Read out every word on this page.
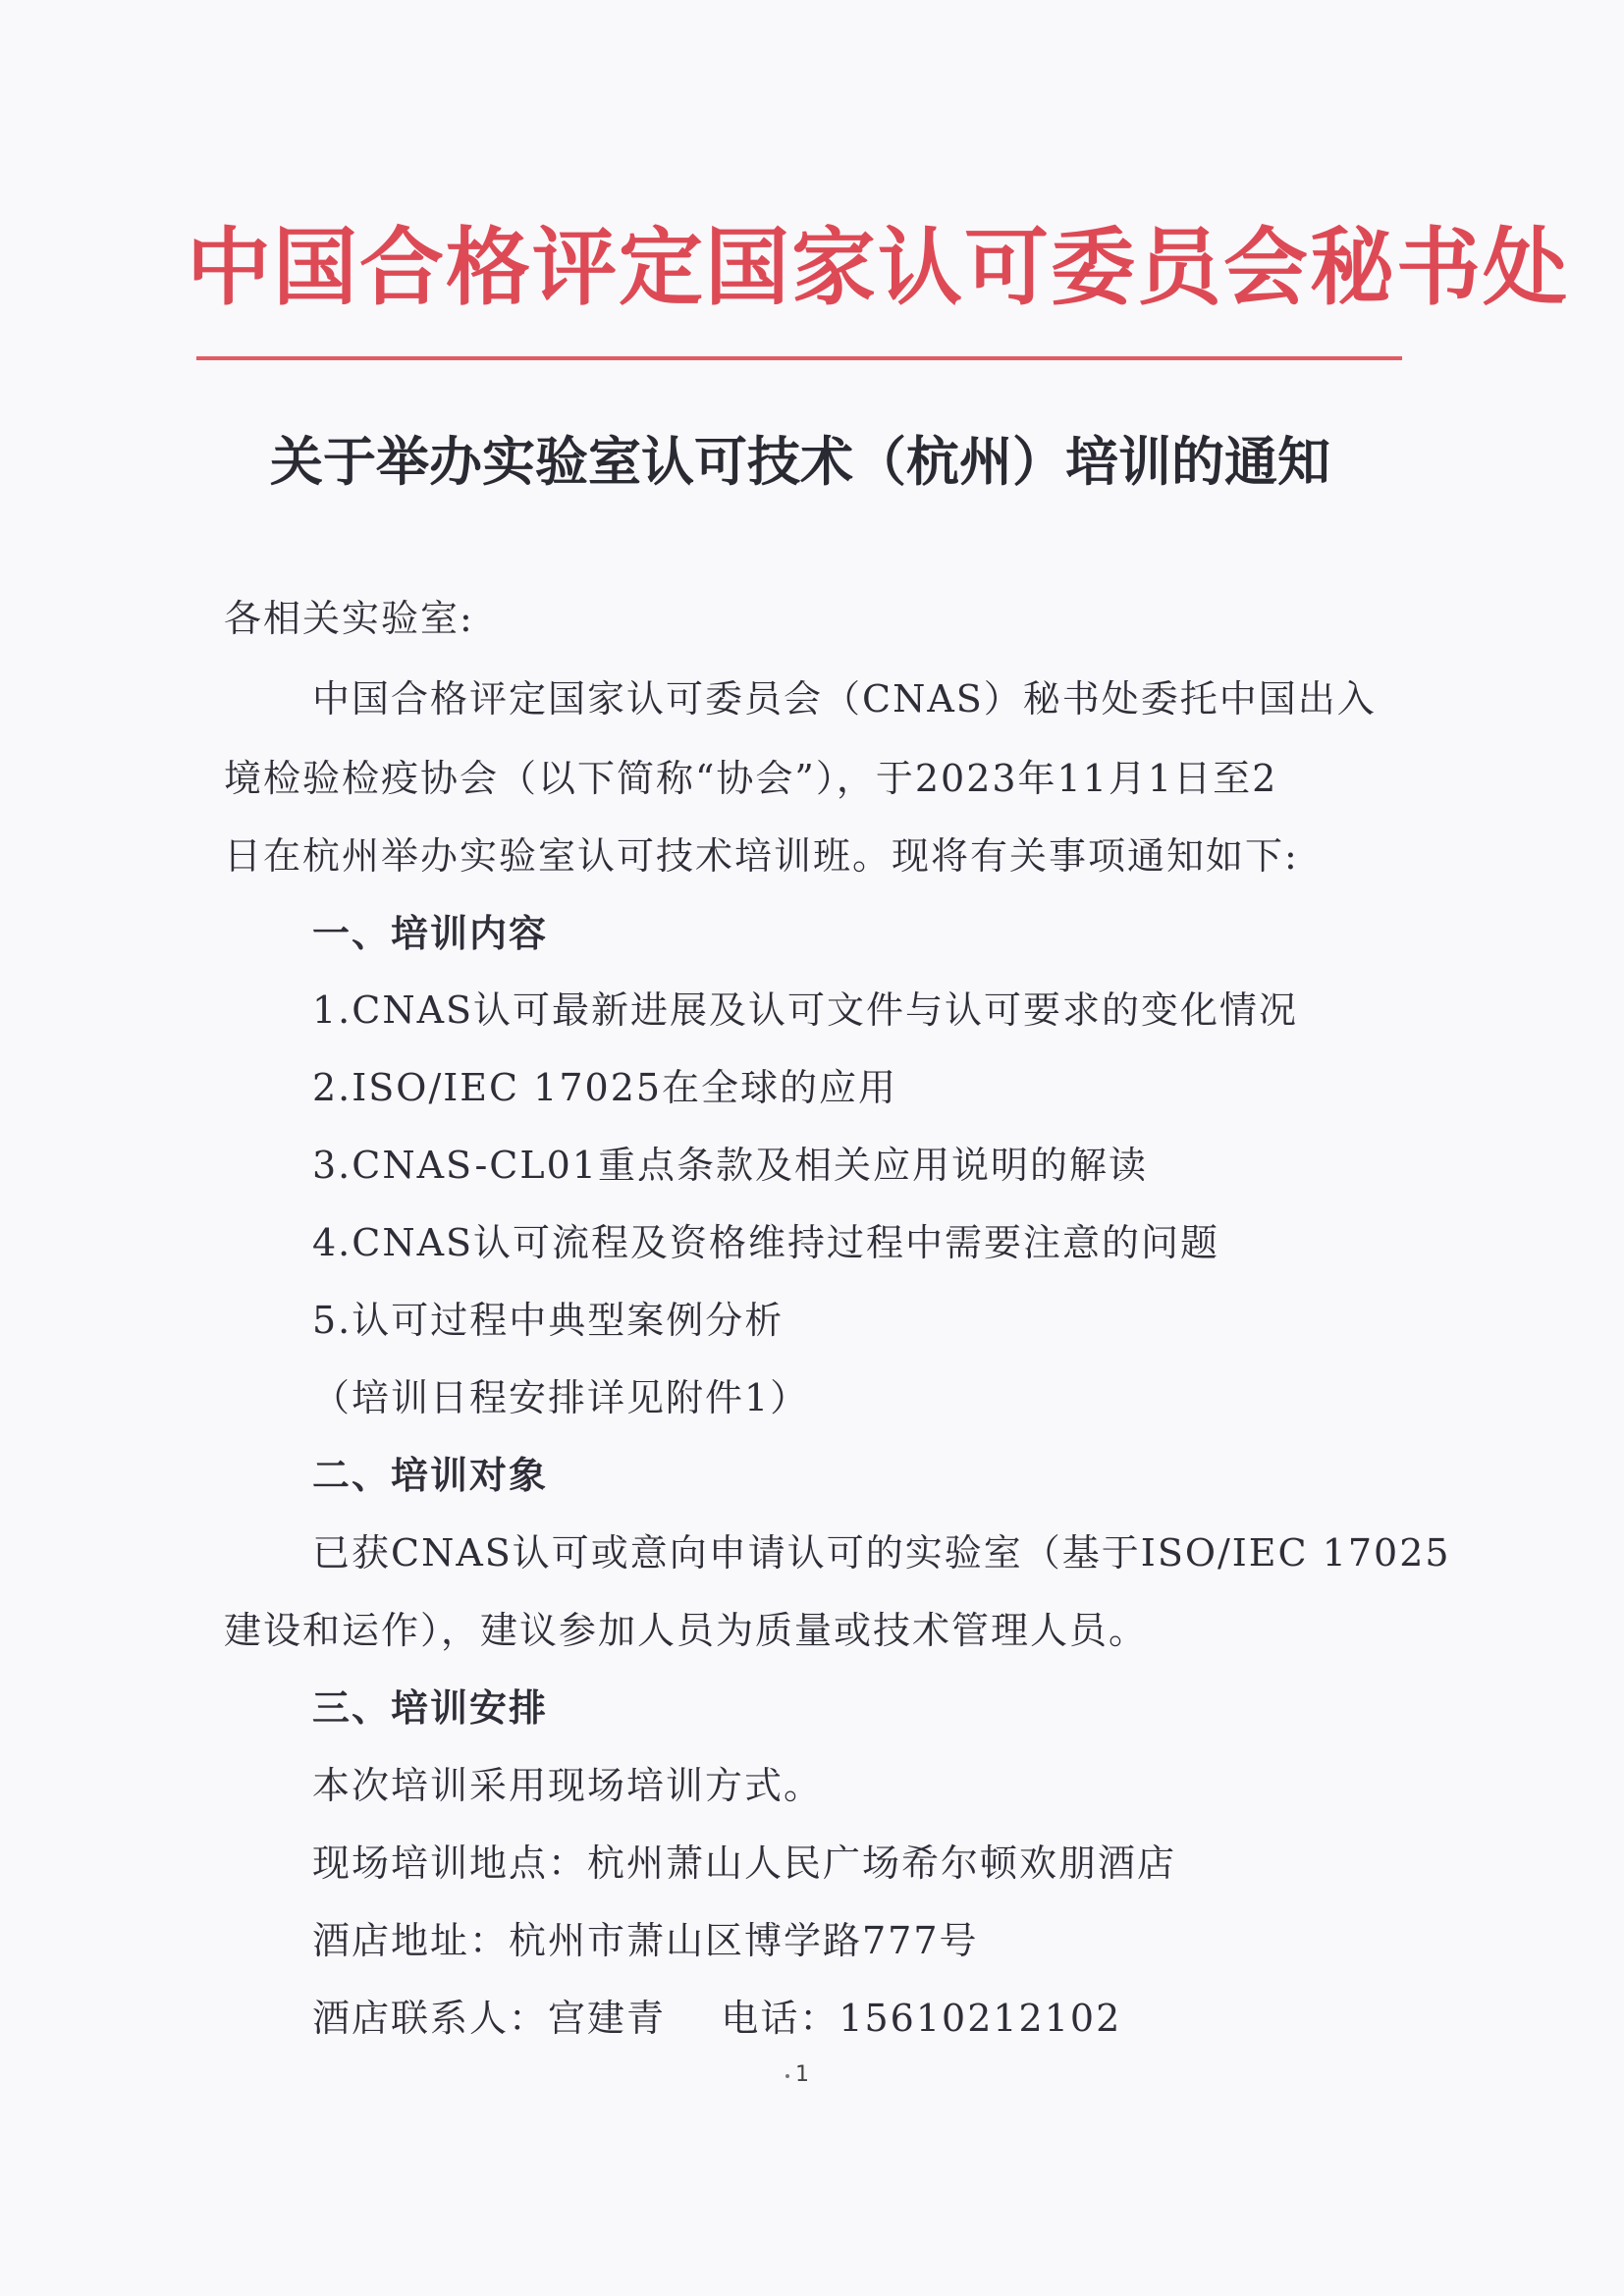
中国合格评定国家认可委员会秘书处
关于举办实验室认可技术（杭州）培训的通知
各相关实验室:
中国合格评定国家认可委员会（CNAS）秘书处委托中国出入
境检验检疫协会（以下简称“协会”），于2023年11月1日至2
日在杭州举办实验室认可技术培训班。现将有关事项通知如下:
一、培训内容
1.CNAS认可最新进展及认可文件与认可要求的变化情况
2.ISO/IEC 17025在全球的应用
3.CNAS-CL01重点条款及相关应用说明的解读
4.CNAS认可流程及资格维持过程中需要注意的问题
5.认可过程中典型案例分析
（培训日程安排详见附件1）
二、培训对象
已获CNAS认可或意向申请认可的实验室（基于ISO/IEC 17025
建设和运作），建议参加人员为质量或技术管理人员。
三、培训安排
本次培训采用现场培训方式。
现场培训地点：杭州萧山人民广场希尔顿欢朋酒店
酒店地址：杭州市萧山区博学路777号
酒店联系人：宫建青    电话：15610212102
1
